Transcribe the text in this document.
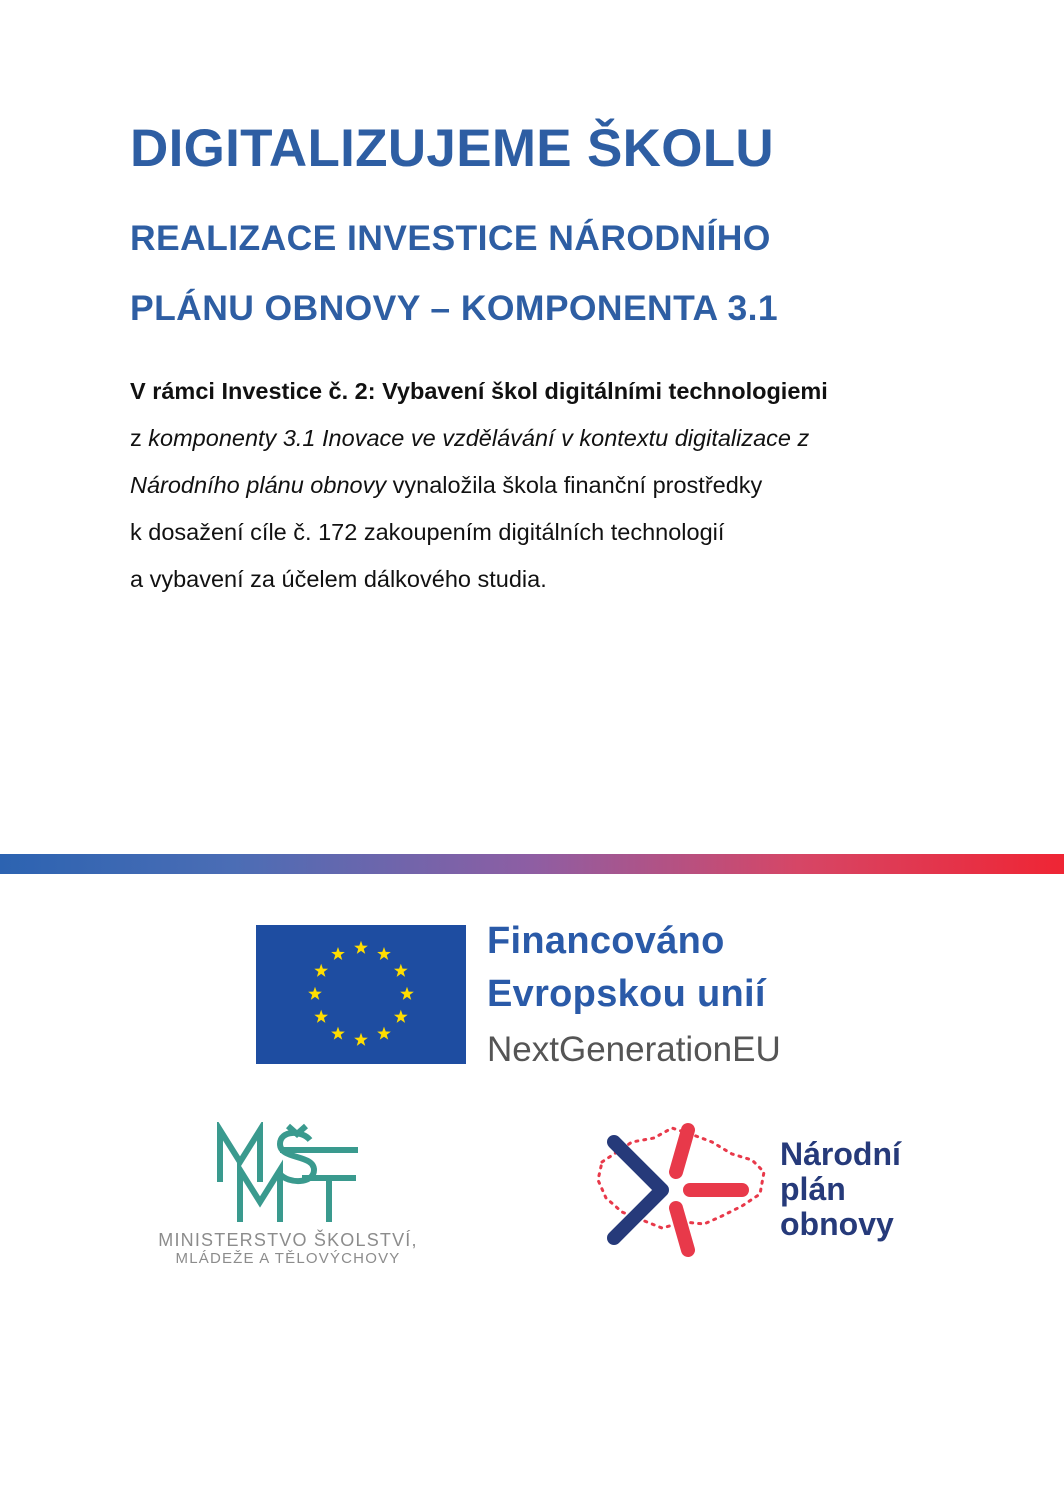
DIGITALIZUJEME ŠKOLU
REALIZACE INVESTICE NÁRODNÍHO
PLÁNU OBNOVY – KOMPONENTA 3.1
V rámci Investice č. 2: Vybavení škol digitálními technologiemi
z komponenty 3.1 Inovace ve vzdělávání v kontextu digitalizace z
Národního plánu obnovy vynaložila škola finanční prostředky
k dosažení cíle č. 172 zakoupením digitálních technologií
a vybavení za účelem dálkového studia.
Financováno
Evropskou unií
NextGenerationEU
MINISTERSTVO ŠKOLSTVÍ,
MLÁDEŽE A TĚLOVÝCHOVY
Národní
plán
obnovy
